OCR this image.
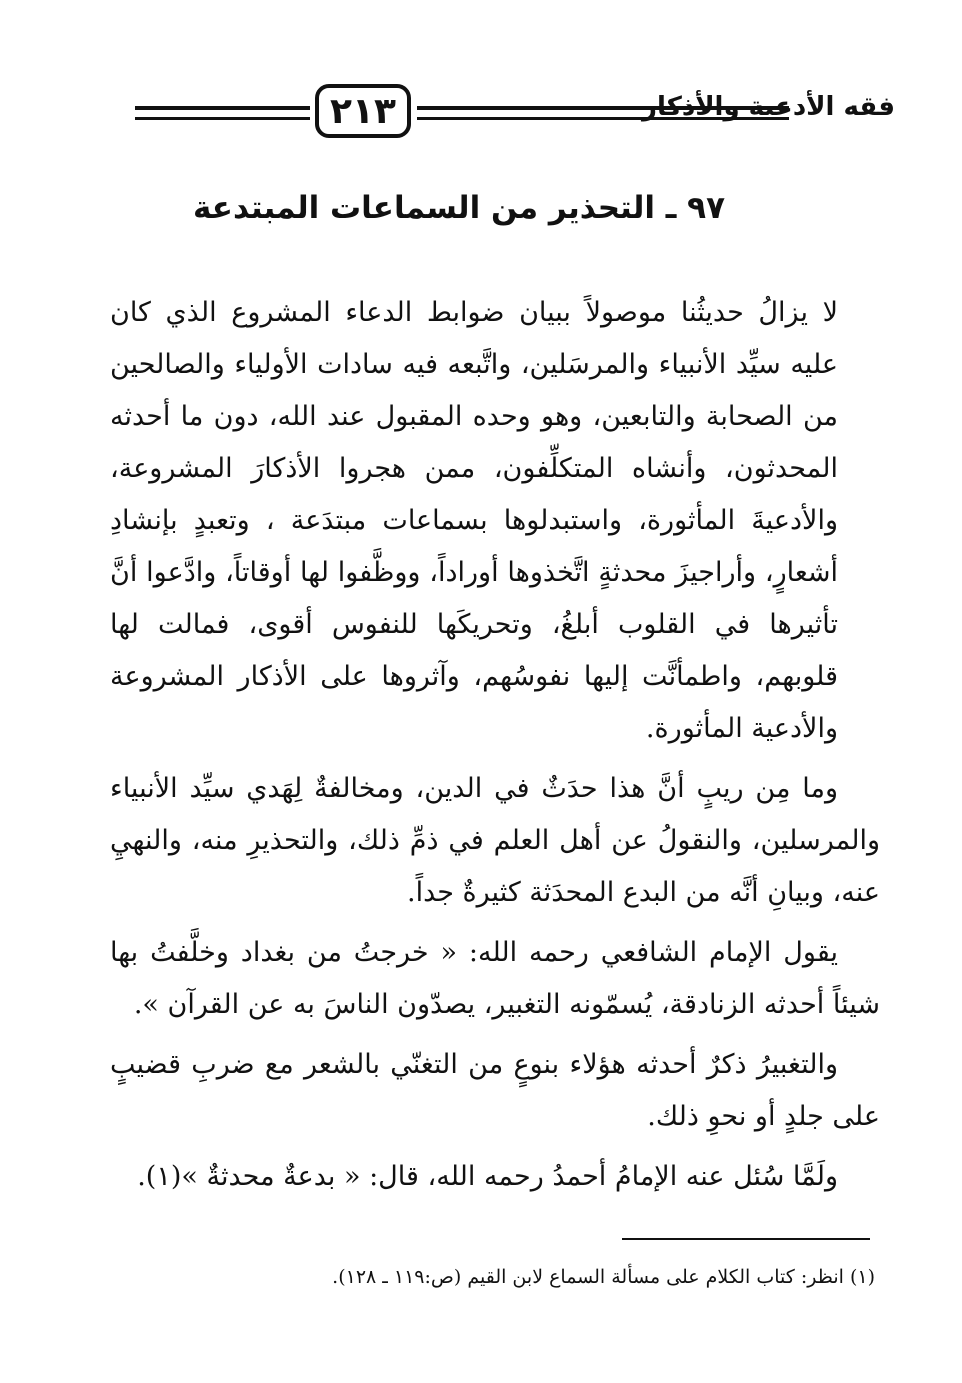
٢١٣	فقه الأدعية والأذكار
٩٧ ـ التحذير من السماعات المبتدعة

لا يزالُ حديثُنا موصولاً ببيان ضوابط الدعاء المشروع الذي كان عليه سيِّد الأنبياء والمرسَلين، واتَّبعه فيه سادات الأولياء والصالحين من الصحابة والتابعين، وهو وحده المقبول عند الله، دون ما أحدثه المحدثون، وأنشاه المتكلِّفون، ممن هجروا الأذكارَ المشروعة، والأدعيةَ المأثورة، واستبدلوها بسماعات مبتدَعة ، وتعبدٍ بإنشادِ أشعارٍ، وأراجيزَ محدثةٍ اتَّخذوها أوراداً، ووظَّفوا لها أوقاتاً، وادَّعوا أنَّ تأثيرها في القلوب أبلغُ، وتحريكَها للنفوس أقوى، فمالت لها قلوبهم، واطمأنَّت إليها نفوسُهم، وآثروها على الأذكار المشروعة والأدعية المأثورة.

وما مِن ريبٍ أنَّ هذا حدَثٌ في الدين، ومخالفةٌ لِهَدي سيِّد الأنبياء والمرسلين، والنقولُ عن أهل العلم في ذمِّ ذلك، والتحذيرِ منه، والنهيِ عنه، وبيانِ أنَّه من البدع المحدَثة كثيرةٌ جداً.

يقول الإمام الشافعي رحمه الله: « خرجتُ من بغداد وخلَّفتُ بها شيئاً أحدثه الزنادقة، يُسمّونه التغبير، يصدّون الناسَ به عن القرآن ».

والتغبيرُ ذكرٌ أحدثه هؤلاء بنوعٍ من التغنّي بالشعر مع ضربِ قضيبٍ على جلدٍ أو نحوِ ذلك.

ولَمَّا سُئل عنه الإمامُ أحمدُ رحمه الله، قال: « بدعةٌ محدثةٌ »(١).

(١) انظر: كتاب الكلام على مسألة السماع لابن القيم (ص:١١٩ ـ ١٢٨).
